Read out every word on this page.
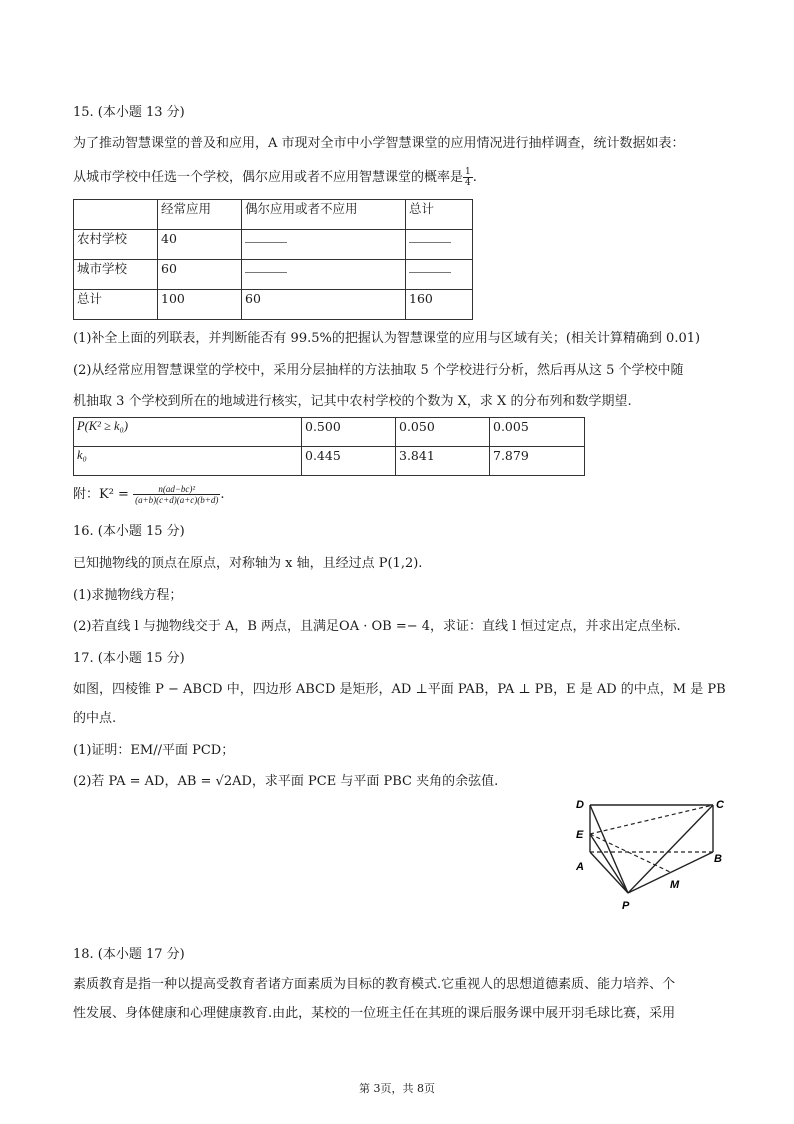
15. (本小题 13 分)
为了推动智慧课堂的普及和应用，A 市现对全市中小学智慧课堂的应用情况进行抽样调查，统计数据如表：
从城市学校中任选一个学校，偶尔应用或者不应用智慧课堂的概率是 $\frac{1}{4}$ .
	经常应用	偶尔应用或者不应用	总计
农村学校	40		
城市学校	60		
总计	100	60	160
(1)补全上面的列联表，并判断能否有 99.5%的把握认为智慧课堂的应用与区域有关；(相关计算精确到 0.01)
(2)从经常应用智慧课堂的学校中，采用分层抽样的方法抽取 5 个学校进行分析，然后再从这 5 个学校中随
机抽取 3 个学校到所在的地域进行核实，记其中农村学校的个数为 X，求 X 的分布列和数学期望.
P(K² ≥ k₀)	0.500	0.050	0.005
k₀	0.445	3.841	7.879
附：$K^2 = \frac{\text{n(ad−bc)²}}{(a+b)(c+d)(a+c)(b+d)}$ .
16. (本小题 15 分)
已知抛物线的顶点在原点，对称轴为 x 轴，且经过点 P(1,2).
(1)求抛物线方程；
(2)若直线 l 与抛物线交于 A，B 两点，且满足OA · OB =− 4，求证：直线 l 恒过定点，并求出定点坐标.
17. (本小题 15 分)
如图，四棱锥 P − ABCD 中，四边形 ABCD 是矩形，AD ⊥平面 PAB，PA ⊥ PB，E 是 AD 的中点，M 是 PB
的中点.
(1)证明：EM//平面 PCD；
(2)若 PA = AD，AB = √2AD，求平面 PCE 与平面 PBC 夹角的余弦值.
D	C
E
A
B
M
P
18. (本小题 17 分)
素质教育是指一种以提高受教育者诸方面素质为目标的教育模式.它重视人的思想道德素质、能力培养、个
性发展、身体健康和心理健康教育.由此，某校的一位班主任在其班的课后服务课中展开羽毛球比赛，采用
第 3页，共 8页
